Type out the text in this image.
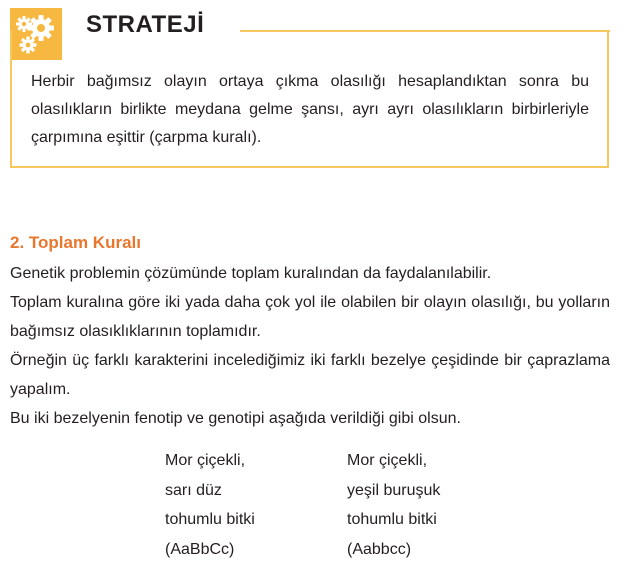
STRATEJİ
Herbir bağımsız olayın ortaya çıkma olasılığı hesaplandıktan sonra bu olasılıkların birlikte meydana gelme şansı, ayrı ayrı olasılıkların birbirleriyle çarpımına eşittir (çarpma kuralı).
2. Toplam Kuralı

Genetik problemin çözümünde toplam kuralından da faydalanılabilir.

Toplam kuralına göre iki yada daha çok yol ile olabilen bir olayın olasılığı, bu yolların bağımsız olasıklıklarının toplamıdır.

Örneğin üç farklı karakterini incelediğimiz iki farklı bezelye çeşidinde bir çaprazlama yapalım.

Bu iki bezelyenin fenotip ve genotipi aşağıda verildiği gibi olsun.

Mor çiçekli,
sarı düz
tohumlu bitki
(AaBbCc)
Mor çiçekli,
yeşil buruşuk
tohumlu bitki
(Aabbcc)
